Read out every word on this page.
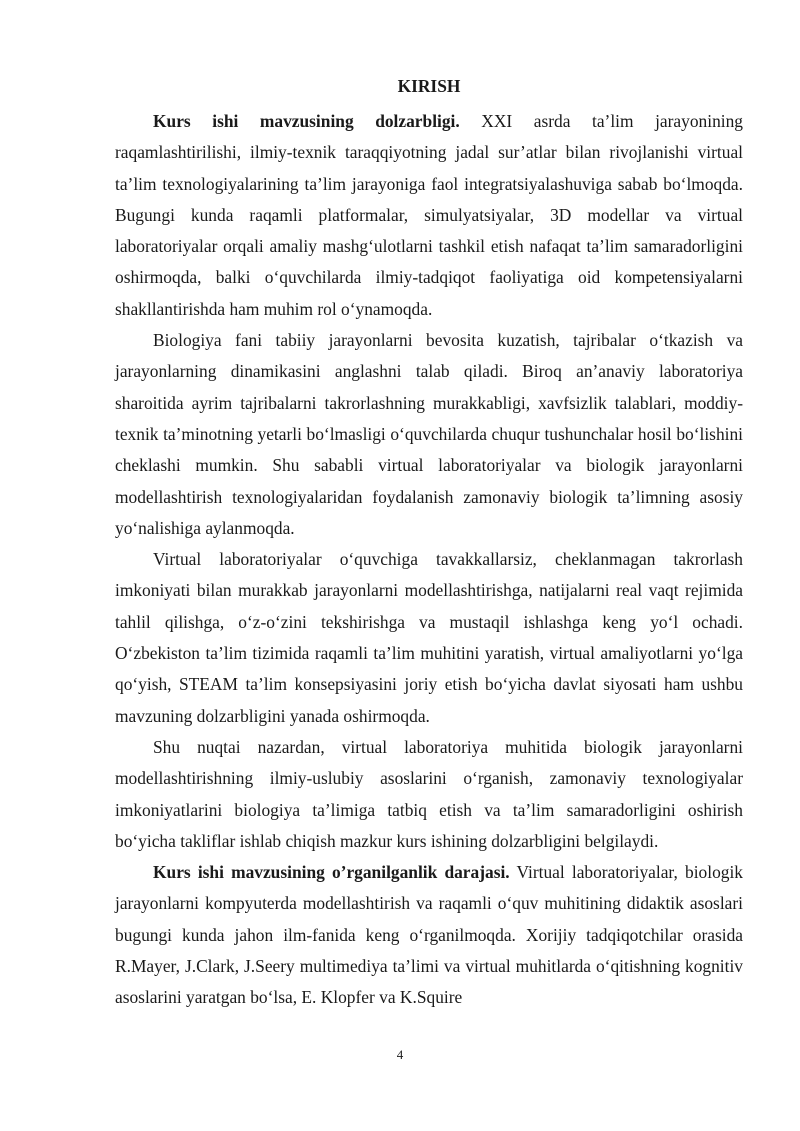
KIRISH

Kurs ishi mavzusining dolzarbligi. XXI asrda ta’lim jarayonining raqamlashtirilishi, ilmiy-texnik taraqqiyotning jadal sur’atlar bilan rivojlanishi virtual ta’lim texnologiyalarining ta’lim jarayoniga faol integratsiyalashuviga sabab bo‘lmoqda. Bugungi kunda raqamli platformalar, simulyatsiyalar, 3D modellar va virtual laboratoriyalar orqali amaliy mashg‘ulotlarni tashkil etish nafaqat ta’lim samaradorligini oshirmoqda, balki o‘quvchilarda ilmiy-tadqiqot faoliyatiga oid kompetensiyalarni shakllantirishda ham muhim rol o‘ynamoqda.

Biologiya fani tabiiy jarayonlarni bevosita kuzatish, tajribalar o‘tkazish va jarayonlarning dinamikasini anglashni talab qiladi. Biroq an’anaviy laboratoriya sharoitida ayrim tajribalarni takrorlashning murakkabligi, xavfsizlik talablari, moddiy-texnik ta’minotning yetarli bo‘lmasligi o‘quvchilarda chuqur tushunchalar hosil bo‘lishini cheklashi mumkin. Shu sababli virtual laboratoriyalar va biologik jarayonlarni modellashtirish texnologiyalaridan foydalanish zamonaviy biologik ta’limning asosiy yo‘nalishiga aylanmoqda.

Virtual laboratoriyalar o‘quvchiga tavakkallarsiz, cheklanmagan takrorlash imkoniyati bilan murakkab jarayonlarni modellashtirishga, natijalarni real vaqt rejimida tahlil qilishga, o‘z-o‘zini tekshirishga va mustaqil ishlashga keng yo‘l ochadi. O‘zbekiston ta’lim tizimida raqamli ta’lim muhitini yaratish, virtual amaliyotlarni yo‘lga qo‘yish, STEAM ta’lim konsepsiyasini joriy etish bo‘yicha davlat siyosati ham ushbu mavzuning dolzarbligini yanada oshirmoqda.

Shu nuqtai nazardan, virtual laboratoriya muhitida biologik jarayonlarni modellashtirishning ilmiy-uslubiy asoslarini o‘rganish, zamonaviy texnologiyalar imkoniyatlarini biologiya ta’limiga tatbiq etish va ta’lim samaradorligini oshirish bo‘yicha takliflar ishlab chiqish mazkur kurs ishining dolzarbligini belgilaydi.

Kurs ishi mavzusining o’rganilganlik darajasi. Virtual laboratoriyalar, biologik jarayonlarni kompyuterda modellashtirish va raqamli o‘quv muhitining didaktik asoslari bugungi kunda jahon ilm-fanida keng o‘rganilmoqda. Xorijiy tadqiqotchilar orasida R.Mayer, J.Clark, J.Seery multimediya ta’limi va virtual muhitlarda o‘qitishning kognitiv asoslarini yaratgan bo‘lsa, E. Klopfer va K.Squire

4
